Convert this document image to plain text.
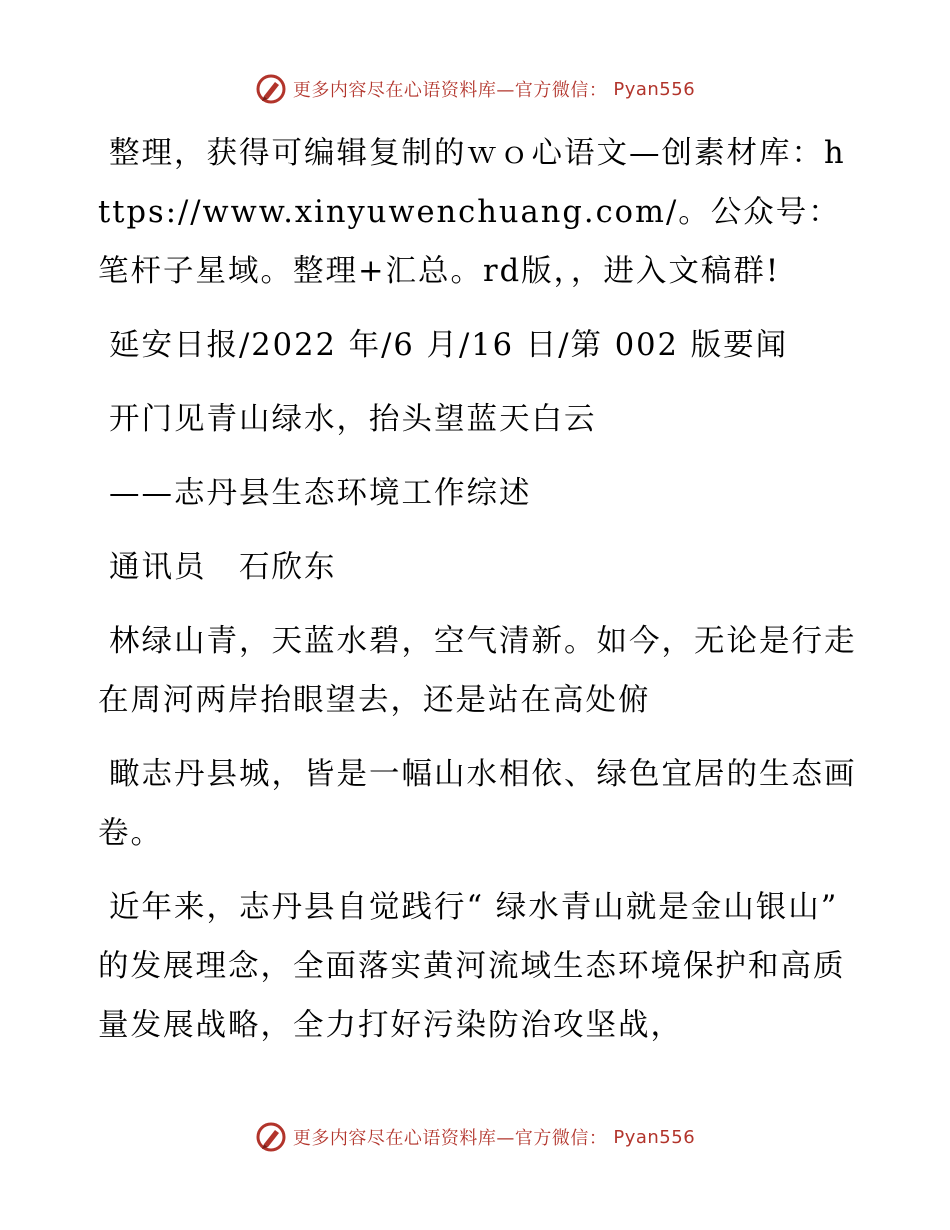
更多内容尽在心语资料库—官方微信： Pyan556

整理，获得可编辑复制的ｗｏ心语文—创素材库：https://www.xinyuwenchuang.com/。公众号：笔杆子星域。整理+汇总。rd版，，进入文稿群!

延安日报/2022 年/6 月/16 日/第 002 版要闻

开门见青山绿水，抬头望蓝天白云

——志丹县生态环境工作综述

通讯员　石欣东

林绿山青，天蓝水碧，空气清新。如今，无论是行走在周河两岸抬眼望去，还是站在高处俯

瞰志丹县城，皆是一幅山水相依、绿色宜居的生态画卷。

近年来，志丹县自觉践行“ 绿水青山就是金山银山” 的发展理念，全面落实黄河流域生态环境保护和高质量发展战略，全力打好污染防治攻坚战，

更多内容尽在心语资料库—官方微信： Pyan556
